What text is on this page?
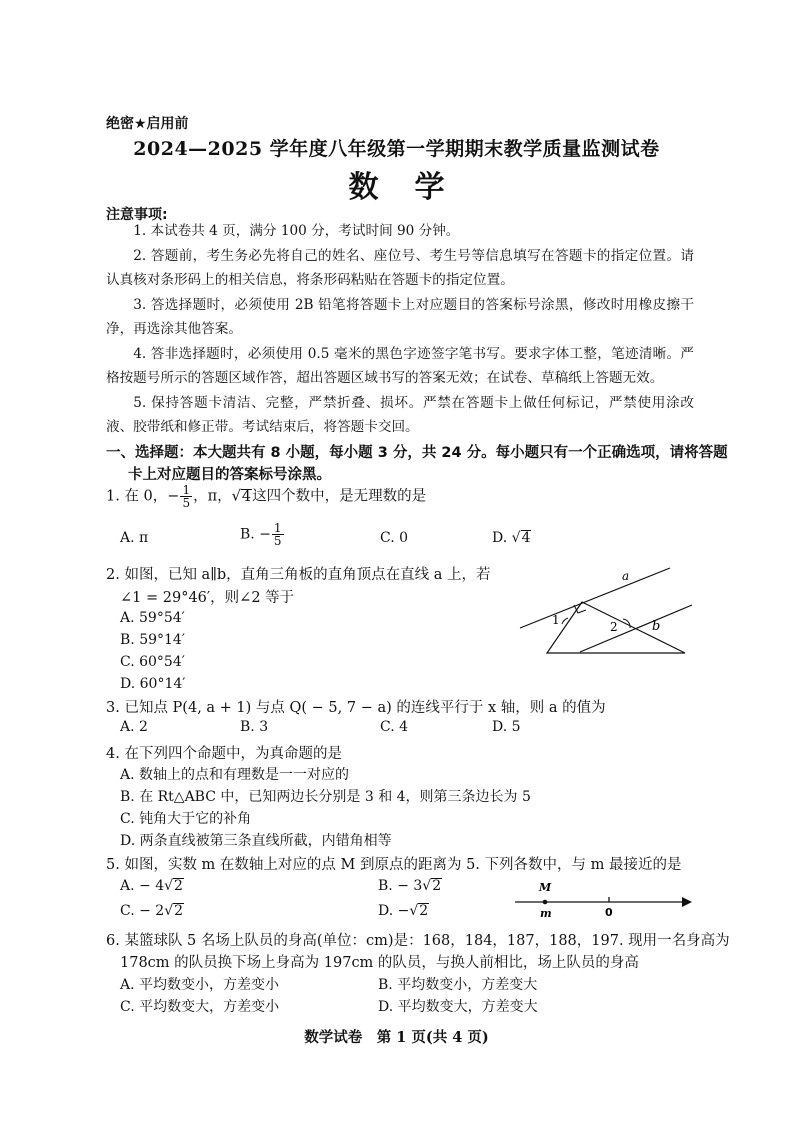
绝密★启用前
2024—2025 学年度八年级第一学期期末教学质量监测试卷
数学
注意事项:
1. 本试卷共 4 页，满分 100 分，考试时间 90 分钟。
2. 答题前，考生务必先将自己的姓名、座位号、考生号等信息填写在答题卡的指定位置。请认真核对条形码上的相关信息，将条形码粘贴在答题卡的指定位置。
3. 答选择题时，必须使用 2B 铅笔将答题卡上对应题目的答案标号涂黑，修改时用橡皮擦干净，再选涂其他答案。
4. 答非选择题时，必须使用 0.5 毫米的黑色字迹签字笔书写。要求字体工整，笔迹清晰。严格按题号所示的答题区域作答，超出答题区域书写的答案无效；在试卷、草稿纸上答题无效。
5. 保持答题卡清洁、完整，严禁折叠、损坏。严禁在答题卡上做任何标记，严禁使用涂改液、胶带纸和修正带。考试结束后，将答题卡交回。
一、选择题：本大题共有 8 小题，每小题 3 分，共 24 分。每小题只有一个正确选项，请将答题
卡上对应题目的答案标号涂黑。
1. 在 0，− $\frac{1}{5}$ ，π，√4这四个数中，是无理数的是
A. π	B. − $\frac{1}{5}$	C. 0	D. √4
2. 如图，已知 a∥b，直角三角板的直角顶点在直线 a 上，若
∠1 = 29°46′，则∠2 等于
A. 59°54′
B. 59°14′
C. 60°54′
D. 60°14′
a
b
1	2
3. 已知点 P(4, a + 1) 与点 Q( − 5, 7 − a) 的连线平行于 x 轴，则 a 的值为
A. 2	B. 3	C. 4	D. 5
4. 在下列四个命题中，为真命题的是
A. 数轴上的点和有理数是一一对应的
B. 在 Rt△ABC 中，已知两边长分别是 3 和 4，则第三条边长为 5
C. 钝角大于它的补角
D. 两条直线被第三条直线所截，内错角相等
5. 如图，实数 m 在数轴上对应的点 M 到原点的距离为 5. 下列各数中，与 m 最接近的是
A. − 4√2	B. − 3√2
C. − 2√2	D. −√2
M
m	0
6. 某篮球队 5 名场上队员的身高(单位：cm)是：168，184，187，188，197. 现用一名身高为
178cm 的队员换下场上身高为 197cm 的队员，与换人前相比，场上队员的身高
A. 平均数变小，方差变小	B. 平均数变小，方差变大
C. 平均数变大，方差变小	D. 平均数变大，方差变大
数学试卷　第 1 页(共 4 页)
